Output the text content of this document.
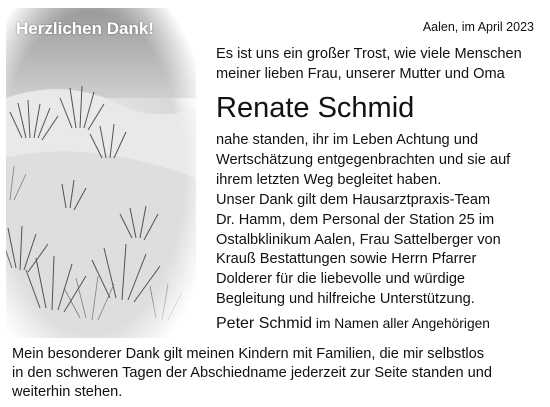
Herzlichen Dank!	Aalen, im April 2023
Es ist uns ein großer Trost, wie viele Menschen
meiner lieben Frau, unserer Mutter und Oma
Renate Schmid
nahe standen, ihr im Leben Achtung und
Wertschätzung entgegenbrachten und sie auf
ihrem letzten Weg begleitet haben.
Unser Dank gilt dem Hausarztpraxis-Team
Dr. Hamm, dem Personal der Station 25 im
Ostalbklinikum Aalen, Frau Sattelberger von
Krauß Bestattungen sowie Herrn Pfarrer
Dolderer für die liebevolle und würdige
Begleitung und hilfreiche Unterstützung.
Peter Schmid im Namen aller Angehörigen
Mein besonderer Dank gilt meinen Kindern mit Familien, die mir selbstlos
in den schweren Tagen der Abschiedname jederzeit zur Seite standen und
weiterhin stehen.
